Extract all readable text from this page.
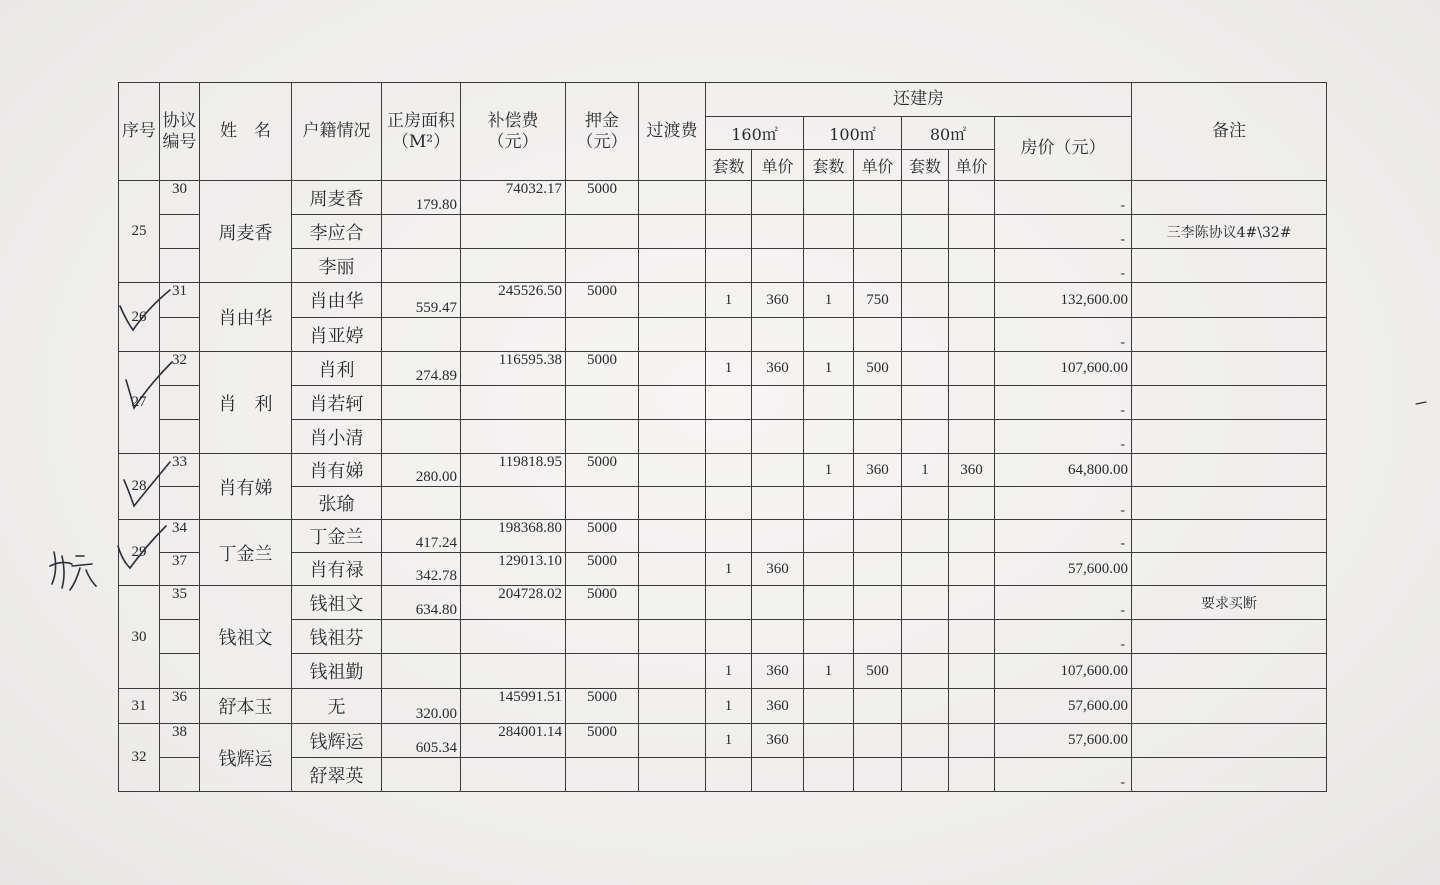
序号	协议编号	姓　名	户籍情况	正房面积（M²）	补偿费（元）	押金（元）	过渡费	还建房							备注
								160㎡		100㎡		80㎡		房价（元）	
								套数	单价	套数	单价	套数	单价		
25	30	周麦香	周麦香	179.80	74032.17	5000								-	
			李应合											-	三李陈协议4#\32#
			李丽											-	
26	31	肖由华	肖由华	559.47	245526.50	5000		1	360	1	750			132,600.00	
			肖亚婷											-	
27	32	肖　利	肖利	274.89	116595.38	5000		1	360	1	500			107,600.00	
			肖若轲											-	
			肖小清											-	
28	33	肖有娣	肖有娣	280.00	119818.95	5000				1	360	1	360	64,800.00	
			张瑜											-	
29	34	丁金兰	丁金兰	417.24	198368.80	5000								-	
	37		肖有禄	342.78	129013.10	5000		1	360					57,600.00	
30	35	钱祖文	钱祖文	634.80	204728.02	5000								-	要求买断
			钱祖芬											-	
			钱祖勤					1	360	1	500			107,600.00	
31	36	舒本玉	无	320.00	145991.51	5000		1	360					57,600.00	
32	38	钱辉运	钱辉运	605.34	284001.14	5000		1	360					57,600.00	
			舒翠英											-	
